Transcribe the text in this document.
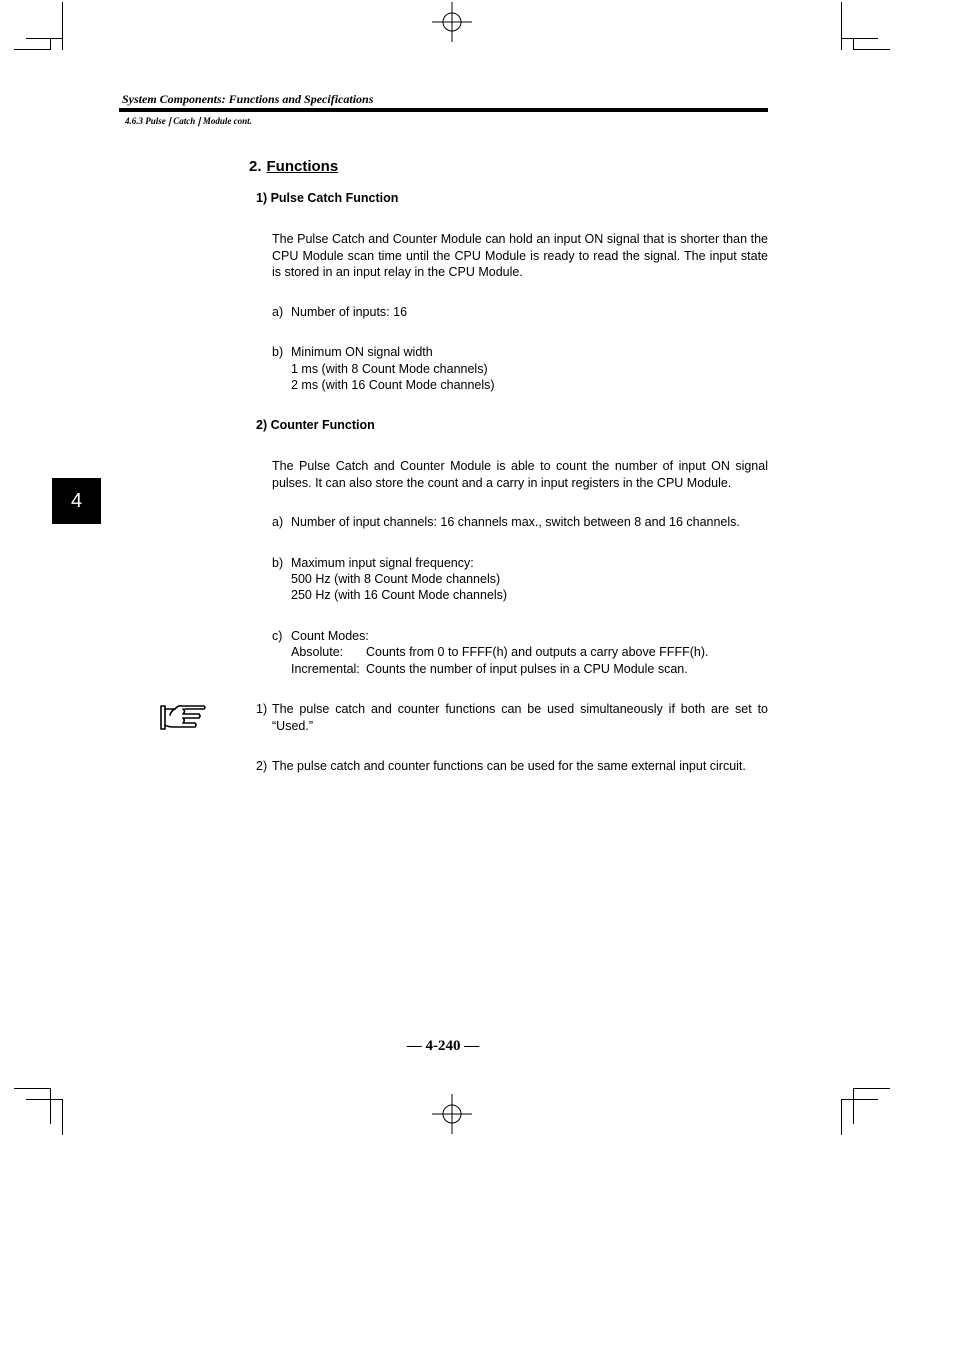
System Components: Functions and Specifications
4.6.3 Pulse❘Catch❘Module cont.
2. Functions
1) Pulse Catch Function
The Pulse Catch and Counter Module can hold an input ON signal that is shorter than the CPU Module scan time until the CPU Module is ready to read the signal. The input state is stored in an input relay in the CPU Module.
a) Number of inputs: 16
b) Minimum ON signal width
1 ms (with 8 Count Mode channels)
2 ms (with 16 Count Mode channels)
2) Counter Function
The Pulse Catch and Counter Module is able to count the number of input ON signal pulses. It can also store the count and a carry in input registers in the CPU Module.
a) Number of input channels: 16 channels max., switch between 8 and 16 channels.
b) Maximum input signal frequency:
500 Hz (with 8 Count Mode channels)
250 Hz (with 16 Count Mode channels)
c) Count Modes:
Absolute: Counts from 0 to FFFF(h) and outputs a carry above FFFF(h).
Incremental: Counts the number of input pulses in a CPU Module scan.
1) The pulse catch and counter functions can be used simultaneously if both are set to “Used.”
2) The pulse catch and counter functions can be used for the same external input circuit.
4
— 4-240 —
